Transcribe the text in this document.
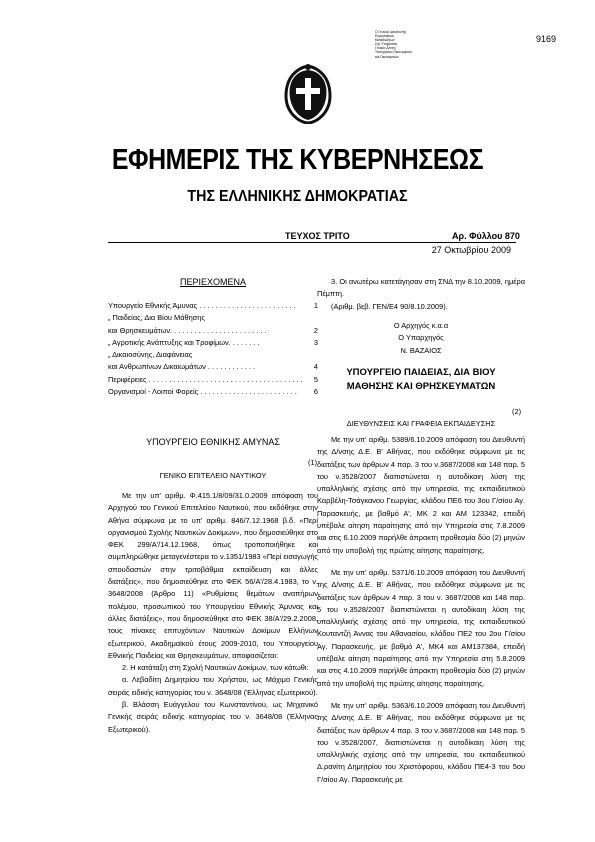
9169
Ο Γενικός Διευθυντής
Ευρωπαϊκών
Καταδιώξεων
Σης Υπηρεσίας
Γενικός Δ/ντής
Υπουργείου Οικονομικών
και Οικονομικών
ΕΦΗΜΕΡΙΣ ΤΗΣ ΚΥΒΕΡΝΗΣΕΩΣ
ΤΗΣ ΕΛΛΗΝΙΚΗΣ ΔΗΜΟΚΡΑΤΙΑΣ
ΤΕΥΧΟΣ ΤΡΙΤΟ	Αρ. Φύλλου 870
27 Οκτωβρίου 2009
ΠΕΡΙΕΧΟΜΕΝΑ
Υπουργείο Εθνικής Άμυνας . . . . . . . . . . . . . . . . . . . . . . . .	1
„ Παιδείας, Δια Βίου Μάθησης
και Θρησκευμάτων. . . . . . . . . . . . . . . . . . . . . . . .	2
„ Αγροτικής Ανάπτυξης και Τροφίμων. . . . . . . .	3
„ Δικαιοσύνης, Διαφάνειας
και Ανθρωπίνων Δικαιωμάτων . . . . . . . . . . . .	4
Περιφέρειες . . . . . . . . . . . . . . . . . . . . . . . . . . . . . . . . . . . . . .	5
Οργανισμοί - Λοιποί Φορείς . . . . . . . . . . . . . . . . . . . . . . . .	6
ΥΠΟΥΡΓΕΙΟ ΕΘΝΙΚΗΣ ΑΜΥΝΑΣ
(1)
ΓΕΝΙΚΟ ΕΠΙΤΕΛΕΙΟ ΝΑΥΤΙΚΟΥ
Με την υπ' αριθμ. Φ.415.1/8/09/31.0.2009 απόφαση του Αρχηγού του Γενικού Επιτελείου Ναυτικού, που εκδόθηκε στην Αθήνα σύμφωνα με το υπ' αριθμ. 846/7.12.1968 β.δ. «Περί οργανισμού Σχολής Ναυτικών Δοκίμων», που δημοσιεύθηκε στο ΦΕΚ 299/Α'/14.12.1968, όπως τροποποιήθηκε και συμπληρώθηκε μεταγενέστερα το ν.1351/1983 «Περί εισαγωγής σπουδαστών στην τριτοβάθμια εκπαίδευση και άλλες διατάξεις», που δημοσιεύθηκε στο ΦΕΚ 56/Α'/28.4.1983, το ν. 3648/2008 (Άρθρο 11) «Ρυθμίσεις θεμάτων αναπήρων πολέμου, προσωπικού του Υπουργείου Εθνικής Άμυνας και άλλες διατάξεις», που δημοσιεύθηκε στο ΦΕΚ 38/Α'/29.2.2008, τους πίνακες επιτυχόντων Ναυτικών Δοκίμων Ελλήνων εξωτερικού, Ακαδημαϊκού έτους 2009-2010, του Υπουργείου Εθνικής Παιδείας και Θρησκευμάτων, αποφασίζεται:
2. Η κατάταξη στη Σχολή Ναυτικών Δοκίμων, των κάτωθι:
α. Λεβαδίτη Δημητρίου του Χρήστου, ως Μάχιμο Γενικής σειράς ειδικής κατηγορίας του ν. 3648/08 (Έλληνας εξωτερικού).
β. Βλάσση Ευάγγελου του Κωνσταντίνου, ως Μηχανικό Γενικής σειράς ειδικής κατηγορίας του ν. 3648/08 (Έλληνας Εξωτερικού).
3. Οι ανωτέρω κατετάγησαν στη ΣΝΔ την 8.10.2009, ημέρα Πέμπτη.
(Αριθμ. βεβ. ΓΕΝ/Ε4 90/8.10.2009).
Ο Αρχηγός κ.α.α
Ο Υπαρχηγός
Ν. ΒΑΖΑΙΟΣ
ΥΠΟΥΡΓΕΙΟ ΠΑΙΔΕΙΑΣ, ΔΙΑ ΒΙΟΥ
ΜΑΘΗΣΗΣ ΚΑΙ ΘΡΗΣΚΕΥΜΑΤΩΝ
(2)
ΔΙΕΥΘΥΝΣΕΙΣ ΚΑΙ ΓΡΑΦΕΙΑ ΕΚΠΑΙΔΕΥΣΗΣ
Με την υπ' αριθμ. 5389/6.10.2009 απόφαση του Διευθυντή της Δ/νσης Δ.Ε. Β' Αθήνας, που εκδόθηκε σύμφωνα με τις διατάξεις των άρθρων 4 παρ. 3 του ν.3687/2008 και 148 παρ. 5 του ν.3528/2007 διαπιστώνεται η αυτοδίκαιη λύση της υπαλληλικής σχέσης από την υπηρεσία, της εκπαιδευτικού Καρβέλη-Τσάγκανου Γεωργίας, κλάδου ΠΕ6 του 3ου Γ/σίου Αγ. Παρασκευής, με βαθμό Α', ΜΚ 2 και ΑΜ 123342, επειδή υπέβαλε αίτηση παραίτησης από την Υπηρεσία στις 7.8.2009 και στις 6.10.2009 παρήλθε άπρακτη προθεσμία δύο (2) μηνών από την υποβολή της πρώτης αίτησης παραίτησης.
Με την υπ' αριθμ. 5371/6.10.2009 απόφαση του Διευθυντή της Δ/νσης Δ.Ε. Β' Αθήνας, που εκδόθηκε σύμφωνα με τις διατάξεις των άρθρων 4 παρ. 3 του ν. 3687/2008 και 148 παρ. 5 του ν.3528/2007 διαπιστώνεται η αυτοδίκαιη λύση της υπαλληλικής σχέσης από την υπηρεσία, της εκπαιδευτικού Κουταντζή Άννας του Αθανασίου, κλάδου ΠΕ2 του 2ου Γ/σίου Αγ. Παρασκευής, με βαθμό Α', ΜΚ4 και ΑΜ137384, επειδή υπέβαλε αίτηση παραίτησης από την Υπηρεσία στη 5.8.2009 και στις 4.10.2009 παρήλθε άπρακτη προθεσμία δύο (2) μηνών από την υποβολή της πρώτης αίτησης παραίτησης.
Με την υπ' αριθμ. 5363/6.10.2009 απόφαση του Διευθυντή της Δ/νσης Δ.Ε. Β' Αθήνας, που εκδόθηκε σύμφωνα με τις διατάξεις των άρθρων 4 παρ. 3 του ν.3687/2008 και 148 παρ. 5 του ν.3528/2007, διαπιστώνεται η αυτοδίκαιη λύση της υπαλληλικής σχέσης από την υπηρεσία, του εκπαιδευτικού Δ.ρανίτη Δημητρίου του Χριστόφορου, κλάδου ΠΕ4-3 του 5ου Γ/σίου Αγ. Παρασκευής με
